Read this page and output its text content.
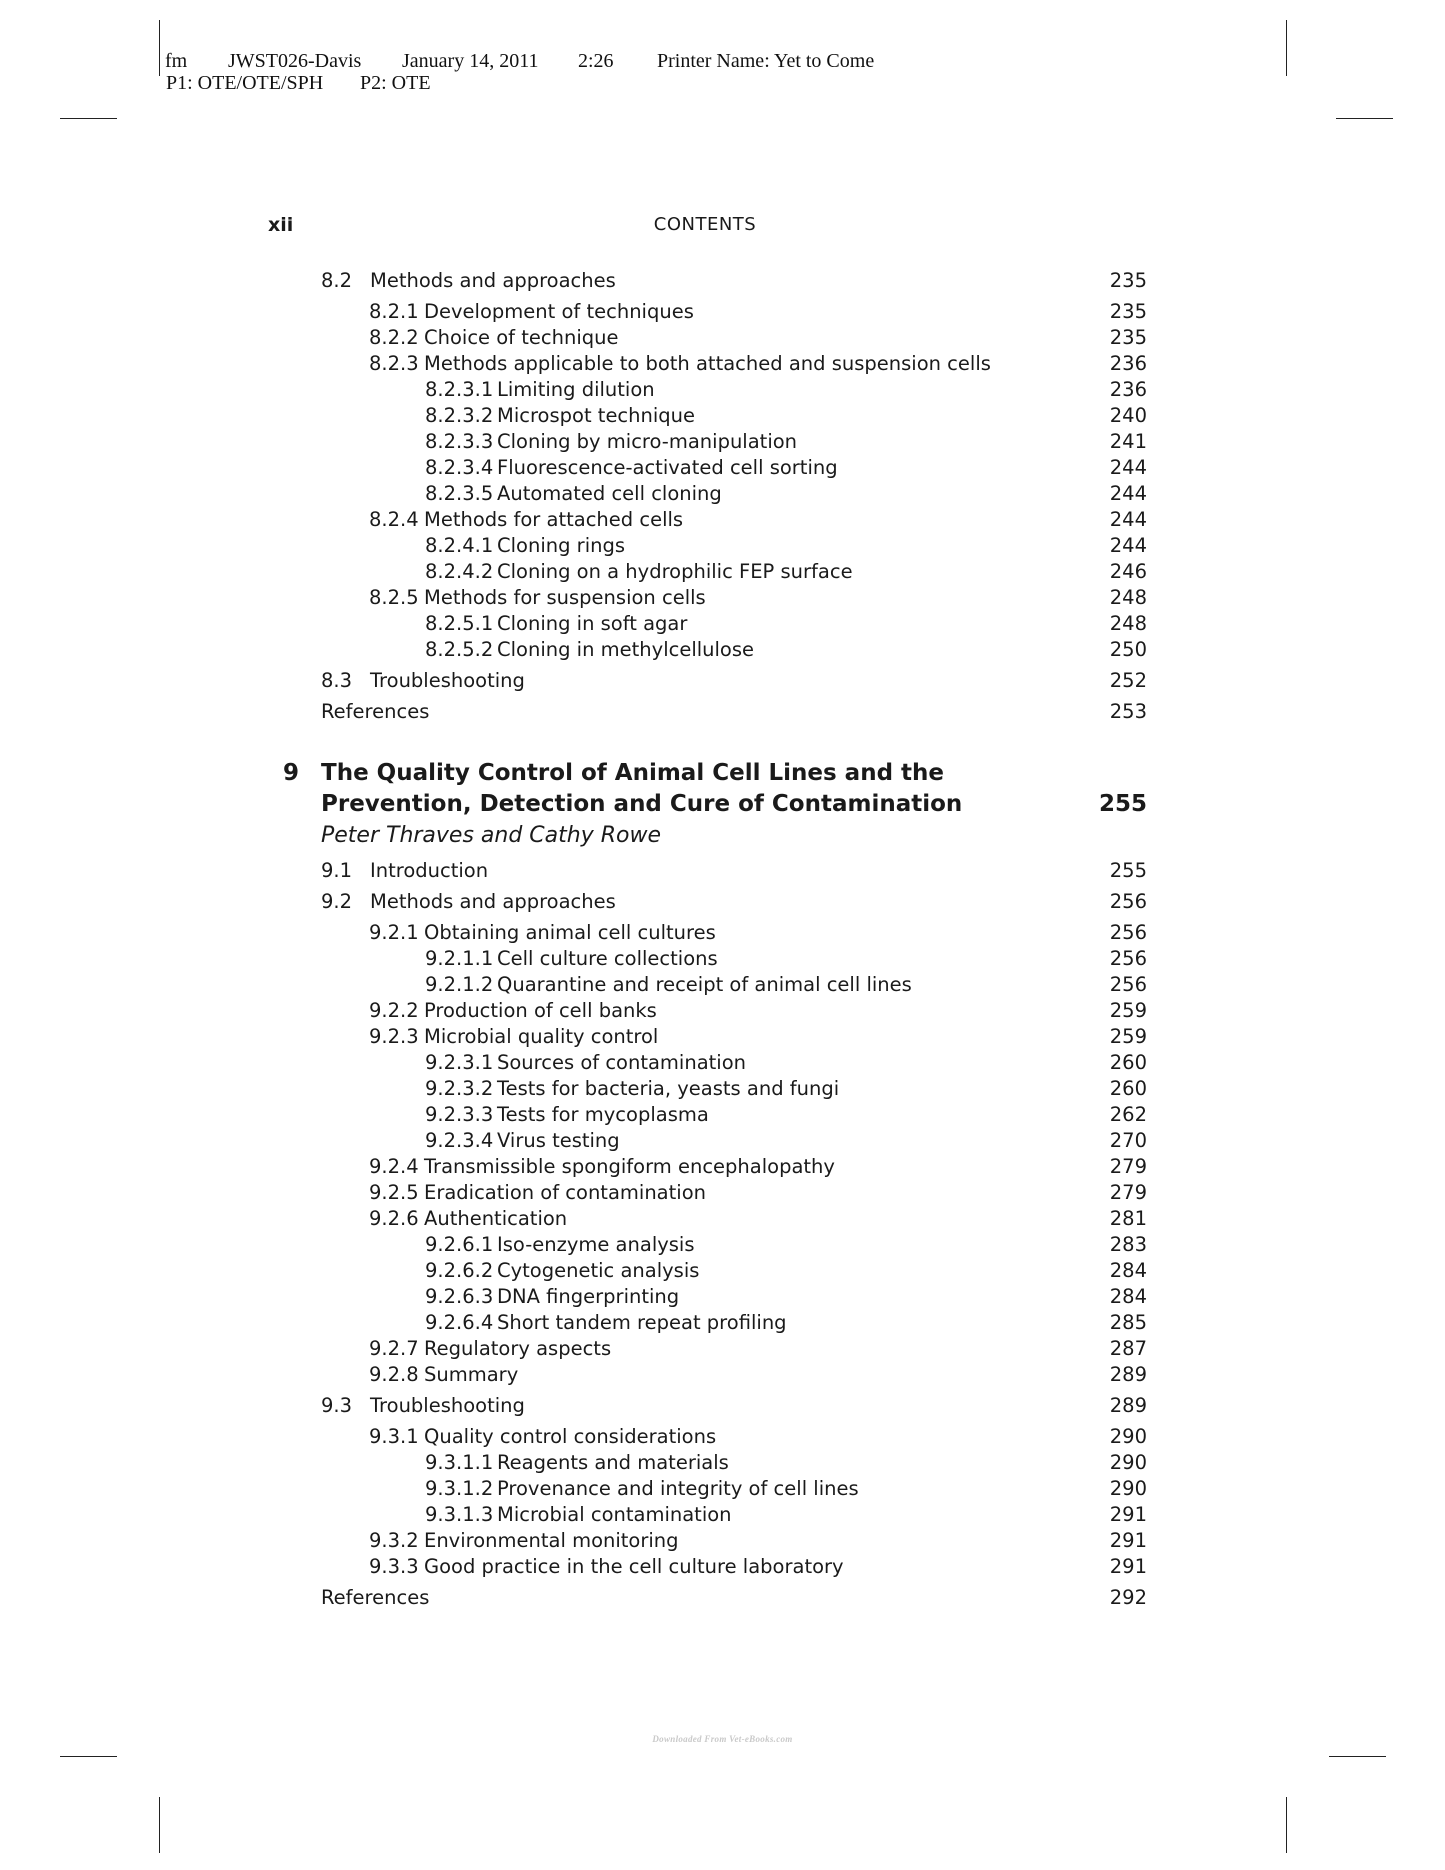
fm	JWST026-Davis	January 14, 2011	2:26	Printer Name: Yet to Come
P1: OTE/OTE/SPH	P2: OTE
xii	CONTENTS
8.2 Methods and approaches	235
8.2.1 Development of techniques	235
8.2.2 Choice of technique	235
8.2.3 Methods applicable to both attached and suspension cells	236
8.2.3.1 Limiting dilution	236
8.2.3.2 Microspot technique	240
8.2.3.3 Cloning by micro-manipulation	241
8.2.3.4 Fluorescence-activated cell sorting	244
8.2.3.5 Automated cell cloning	244
8.2.4 Methods for attached cells	244
8.2.4.1 Cloning rings	244
8.2.4.2 Cloning on a hydrophilic FEP surface	246
8.2.5 Methods for suspension cells	248
8.2.5.1 Cloning in soft agar	248
8.2.5.2 Cloning in methylcellulose	250
8.3 Troubleshooting	252
References	253
9 The Quality Control of Animal Cell Lines and the Prevention, Detection and Cure of Contamination	255
Peter Thraves and Cathy Rowe
9.1 Introduction	255
9.2 Methods and approaches	256
9.2.1 Obtaining animal cell cultures	256
9.2.1.1 Cell culture collections	256
9.2.1.2 Quarantine and receipt of animal cell lines	256
9.2.2 Production of cell banks	259
9.2.3 Microbial quality control	259
9.2.3.1 Sources of contamination	260
9.2.3.2 Tests for bacteria, yeasts and fungi	260
9.2.3.3 Tests for mycoplasma	262
9.2.3.4 Virus testing	270
9.2.4 Transmissible spongiform encephalopathy	279
9.2.5 Eradication of contamination	279
9.2.6 Authentication	281
9.2.6.1 Iso-enzyme analysis	283
9.2.6.2 Cytogenetic analysis	284
9.2.6.3 DNA fingerprinting	284
9.2.6.4 Short tandem repeat profiling	285
9.2.7 Regulatory aspects	287
9.2.8 Summary	289
9.3 Troubleshooting	289
9.3.1 Quality control considerations	290
9.3.1.1 Reagents and materials	290
9.3.1.2 Provenance and integrity of cell lines	290
9.3.1.3 Microbial contamination	291
9.3.2 Environmental monitoring	291
9.3.3 Good practice in the cell culture laboratory	291
References	292
Downloaded From Vet-eBooks.com
